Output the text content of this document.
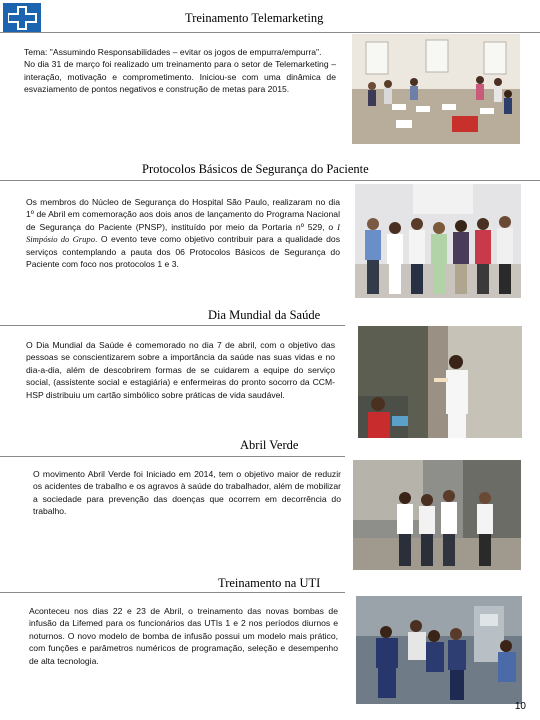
Treinamento Telemarketing

Tema: "Assumindo Responsabilidades – evitar os jogos de empurra/empurra".

No dia 31 de março foi realizado um treinamento para o setor de Telemarketing – interação, motivação e comprometimento. Iniciou-se com uma dinâmica de esvaziamento de pontos negativos e construção de metas para 2015.

Protocolos Básicos de Segurança do Paciente

Os membros do Núcleo de Segurança do Hospital São Paulo, realizaram no dia 1º de Abril em comemoração aos dois anos de lançamento do Programa Nacional de Segurança do Paciente (PNSP), instituído por meio da Portaria nº 529, o I Simpósio do Grupo. O evento teve como objetivo contribuir para a qualidade dos serviços contemplando a pauta dos 06 Protocolos Básicos de Segurança do Paciente com foco nos protocolos 1 e 3.

Dia Mundial da Saúde

O Dia Mundial da Saúde é comemorado no dia 7 de abril, com o objetivo das pessoas se conscientizarem sobre a importância da saúde nas suas vidas e no dia-a-dia, além de descobrirem formas de se cuidarem a equipe do serviço social, (assistente social e estagiária) e enfermeiras do pronto socorro da CCM-HSP distribuiu um cartão simbólico sobre práticas de vida saudável.

Abril Verde

O movimento Abril Verde foi Iniciado em 2014, tem o objetivo maior de reduzir os acidentes de trabalho e os agravos à saúde do trabalhador, além de mobilizar a sociedade para prevenção das doenças que ocorrem em decorrência do trabalho.

Treinamento na UTI

Aconteceu nos dias 22 e 23 de Abril, o treinamento das novas bombas de infusão da Lifemed para os funcionários das UTIs 1 e 2 nos períodos diurnos e noturnos. O novo modelo de bomba de infusão possui um modelo mais prático, com funções e parâmetros numéricos de programação, seleção e desempenho de alta tecnologia.

10
